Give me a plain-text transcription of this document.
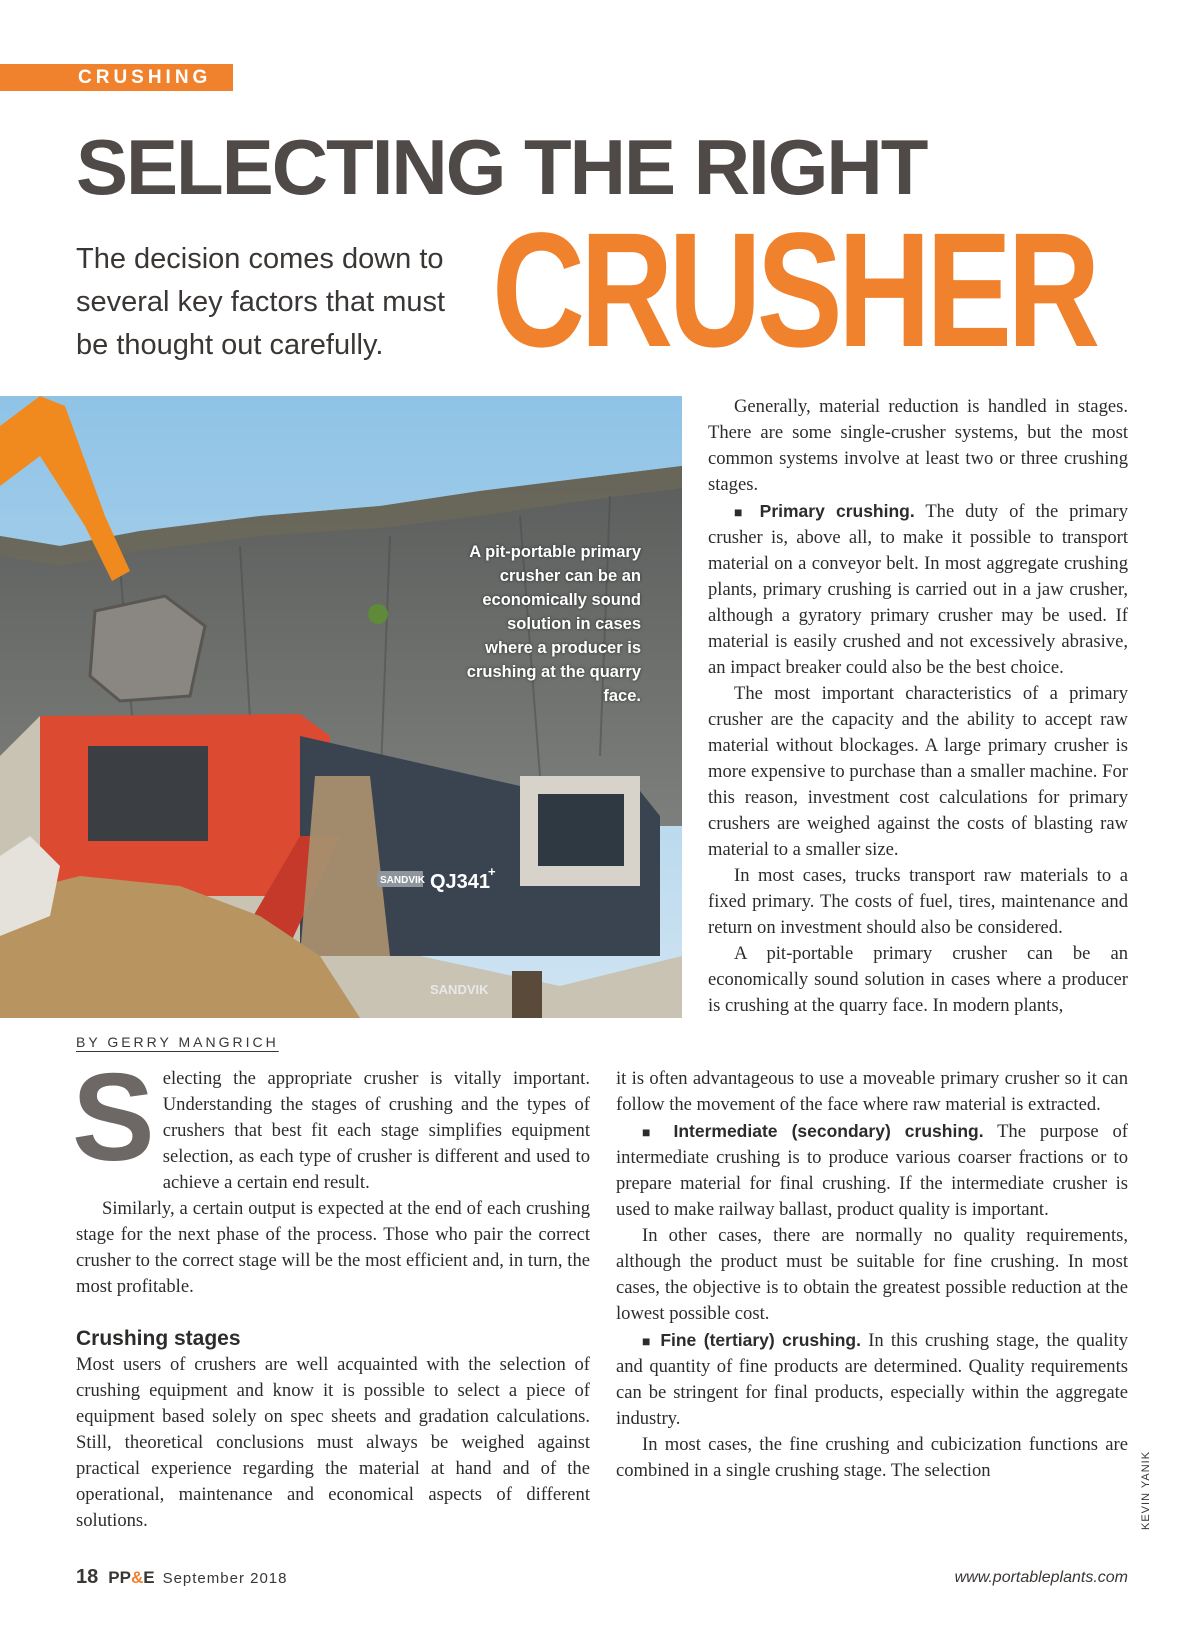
CRUSHING
SELECTING THE RIGHT
CRUSHER

The decision comes down to several key factors that must be thought out carefully.

SANDVIK QJ341
+
SANDVIK

A pit-portable primary crusher can be an economically sound solution in cases where a producer is crushing at the quarry face.

BY GERRY MANGRICH

Selecting the appropriate crusher is vitally important. Understanding the stages of crushing and the types of crushers that best fit each stage simplifies equipment selection, as each type of crusher is different and used to achieve a certain end result.

Similarly, a certain output is expected at the end of each crushing stage for the next phase of the process. Those who pair the correct crusher to the correct stage will be the most efficient and, in turn, the most profitable.

Crushing stages

Most users of crushers are well acquainted with the selection of crushing equipment and know it is possible to select a piece of equipment based solely on spec sheets and gradation calculations. Still, theoretical conclusions must always be weighed against practical experience regarding the material at hand and of the operational, maintenance and economical aspects of different solutions.

Generally, material reduction is handled in stages. There are some single-crusher systems, but the most common systems involve at least two or three crushing stages.

■ Primary crushing. The duty of the primary crusher is, above all, to make it possible to transport material on a conveyor belt. In most aggregate crushing plants, primary crushing is carried out in a jaw crusher, although a gyratory primary crusher may be used. If material is easily crushed and not excessively abrasive, an impact breaker could also be the best choice.

The most important characteristics of a primary crusher are the capacity and the ability to accept raw material without blockages. A large primary crusher is more expensive to purchase than a smaller machine. For this reason, investment cost calculations for primary crushers are weighed against the costs of blasting raw material to a smaller size.

In most cases, trucks transport raw materials to a fixed primary. The costs of fuel, tires, maintenance and return on investment should also be considered.

A pit-portable primary crusher can be an economically sound solution in cases where a producer is crushing at the quarry face. In modern plants,

it is often advantageous to use a moveable primary crusher so it can follow the movement of the face where raw material is extracted.

■ Intermediate (secondary) crushing. The purpose of intermediate crushing is to produce various coarser fractions or to prepare material for final crushing. If the intermediate crusher is used to make railway ballast, product quality is important.

In other cases, there are normally no quality requirements, although the product must be suitable for fine crushing. In most cases, the objective is to obtain the greatest possible reduction at the lowest possible cost.

■ Fine (tertiary) crushing. In this crushing stage, the quality and quantity of fine products are determined. Quality requirements can be stringent for final products, especially within the aggregate industry.

In most cases, the fine crushing and cubicization functions are combined in a single crushing stage. The selection	KEVIN YANIK
18 PP&E September 2018	www.portableplants.com
